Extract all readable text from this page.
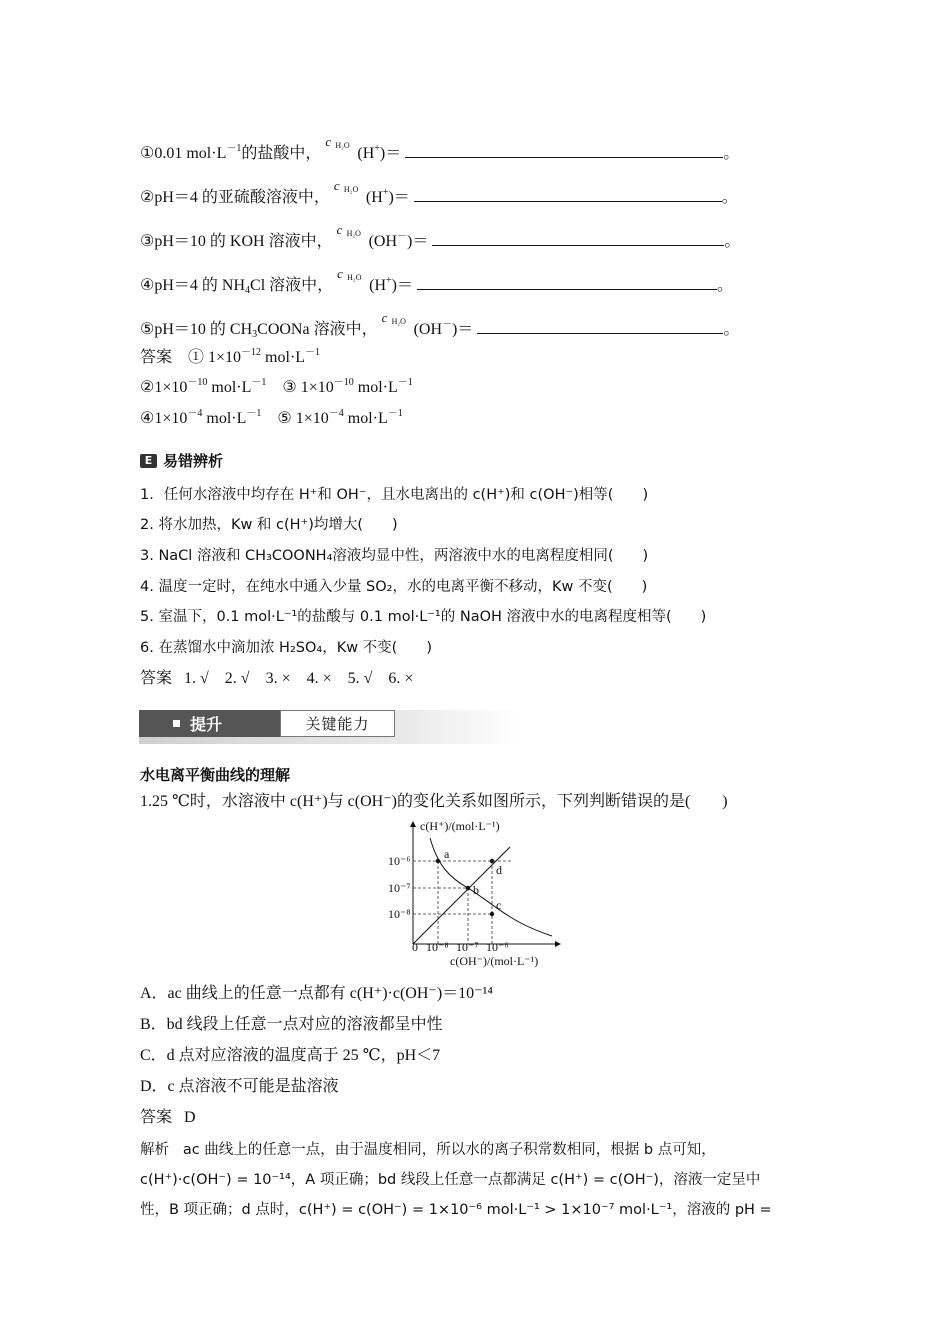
①0.01 $mol\cdot L^{-1}$的盐酸中，
c H₂O (H+)＝	。
②pH＝4 的亚硫酸溶液中，
c H₂O (H+)＝	。
③pH＝10 的 KOH 溶液中，
c H₂O (OH－)＝	。
④pH＝4 的 $NH_4Cl$ 溶液中，
c H₂O (H+)＝	。
⑤pH＝10 的 $CH_3COONa$ 溶液中，
c H₂O (OH－)＝	。
答案 ① $1\times 10^{-12}$ $mol\cdot L^{-1}$
$②1\times 10^{-10}$ $mol\cdot L^{-1}$ ③ $1\times 10^{-10}$ $mol\cdot L^{-1}$
$④1\times 10^{-4}$ $mol\cdot L^{-1}$ ⑤ $1\times 10^{-4}$ $mol\cdot L^{-1}$
E 易错辨析
1．任何水溶液中均存在 H⁺和 OH⁻，且水电离出的 c(H⁺)和 c(OH⁻)相等(　　)
2. 将水加热，Kw 和 c(H⁺)均增大(　　)
3. NaCl 溶液和 CH₃COONH₄溶液均显中性，两溶液中水的电离程度相同(　　)
4. 温度一定时，在纯水中通入少量 SO₂，水的电离平衡不移动，Kw 不变(　　)
5. 室温下，0.1 mol·L⁻¹的盐酸与 0.1 mol·L⁻¹的 NaOH 溶液中水的电离程度相等(　　)
6. 在蒸馏水中滴加浓 H₂SO₄，Kw 不变(　　)
答案 1. √　2. √　3. ×　4. ×　5. √　6. ×
提升	关键能力
水电离平衡曲线的理解
1.25 ℃时，水溶液中 c(H⁺)与 c(OH⁻)的变化关系如图所示，下列判断错误的是(　　)
a
b
c
d
c(H⁺)/(mol·L⁻¹)
c(OH⁻)/(mol·L⁻¹)
10⁻⁶
10⁻⁷
10⁻⁸
0 10⁻⁸ 10⁻⁷ 10⁻⁶
A．ac 曲线上的任意一点都有 c(H⁺)·c(OH⁻)＝10⁻¹⁴
B．bd 线段上任意一点对应的溶液都呈中性
C．d 点对应溶液的温度高于 25 ℃，pH＜7
D．c 点溶液不可能是盐溶液
答案 D
解析 ac 曲线上的任意一点，由于温度相同，所以水的离子积常数相同，根据 b 点可知，
c(H⁺)·c(OH⁻) = 10⁻¹⁴，A 项正确；bd 线段上任意一点都满足 c(H⁺) = c(OH⁻)，溶液一定呈中
性，B 项正确；d 点时，c(H⁺) = c(OH⁻) = 1×10⁻⁶ mol·L⁻¹ > 1×10⁻⁷ mol·L⁻¹，溶液的 pH =
